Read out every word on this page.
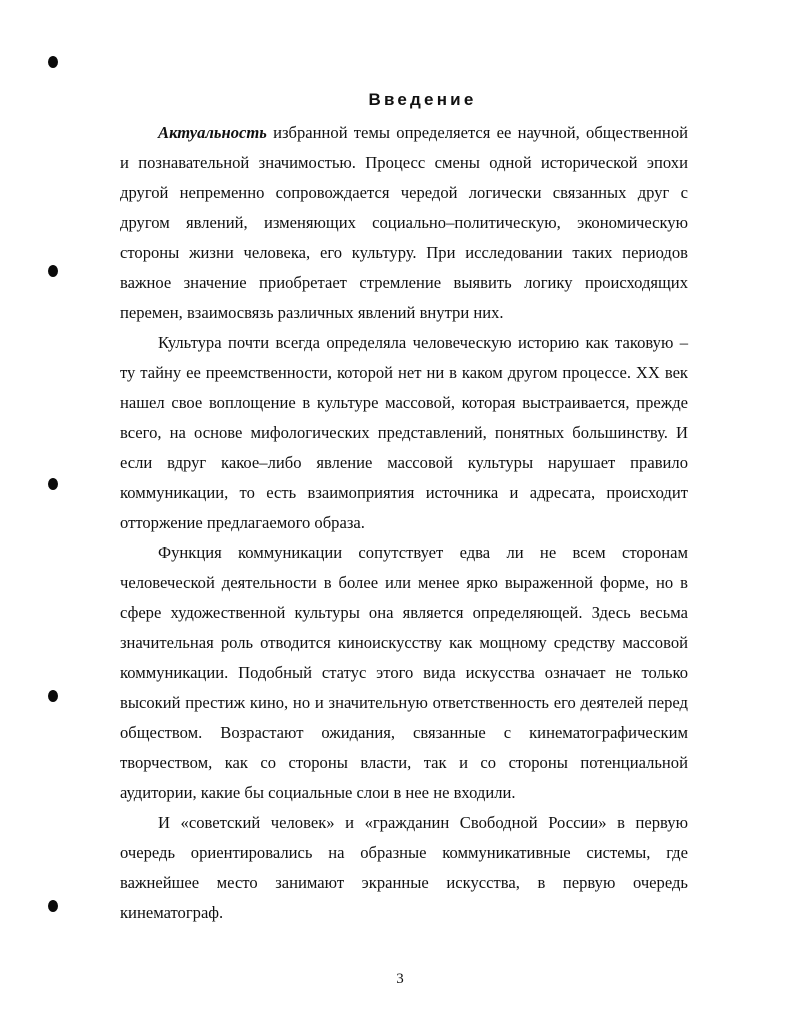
Введение

Актуальность избранной темы определяется ее научной, общественной и познавательной значимостью. Процесс смены одной исторической эпохи другой непременно сопровождается чередой логически связанных друг с другом явлений, изменяющих социально–политическую, экономическую стороны жизни человека, его культуру. При исследовании таких периодов важное значение приобретает стремление выявить логику происходящих перемен, взаимосвязь различных явлений внутри них.

Культура почти всегда определяла человеческую историю как таковую – ту тайну ее преемственности, которой нет ни в каком другом процессе. XX век нашел свое воплощение в культуре массовой, которая выстраивается, прежде всего, на основе мифологических представлений, понятных большинству. И если вдруг какое–либо явление массовой культуры нарушает правило коммуникации, то есть взаимоприятия источника и адресата, происходит отторжение предлагаемого образа.

Функция коммуникации сопутствует едва ли не всем сторонам человеческой деятельности в более или менее ярко выраженной форме, но в сфере художественной культуры она является определяющей. Здесь весьма значительная роль отводится киноискусству как мощному средству массовой коммуникации. Подобный статус этого вида искусства означает не только высокий престиж кино, но и значительную ответственность его деятелей перед обществом. Возрастают ожидания, связанные с кинематографическим творчеством, как со стороны власти, так и со стороны потенциальной аудитории, какие бы социальные слои в нее не входили.

И «советский человек» и «гражданин Свободной России» в первую очередь ориентировались на образные коммуникативные системы, где важнейшее место занимают экранные искусства, в первую очередь кинематограф.

3
